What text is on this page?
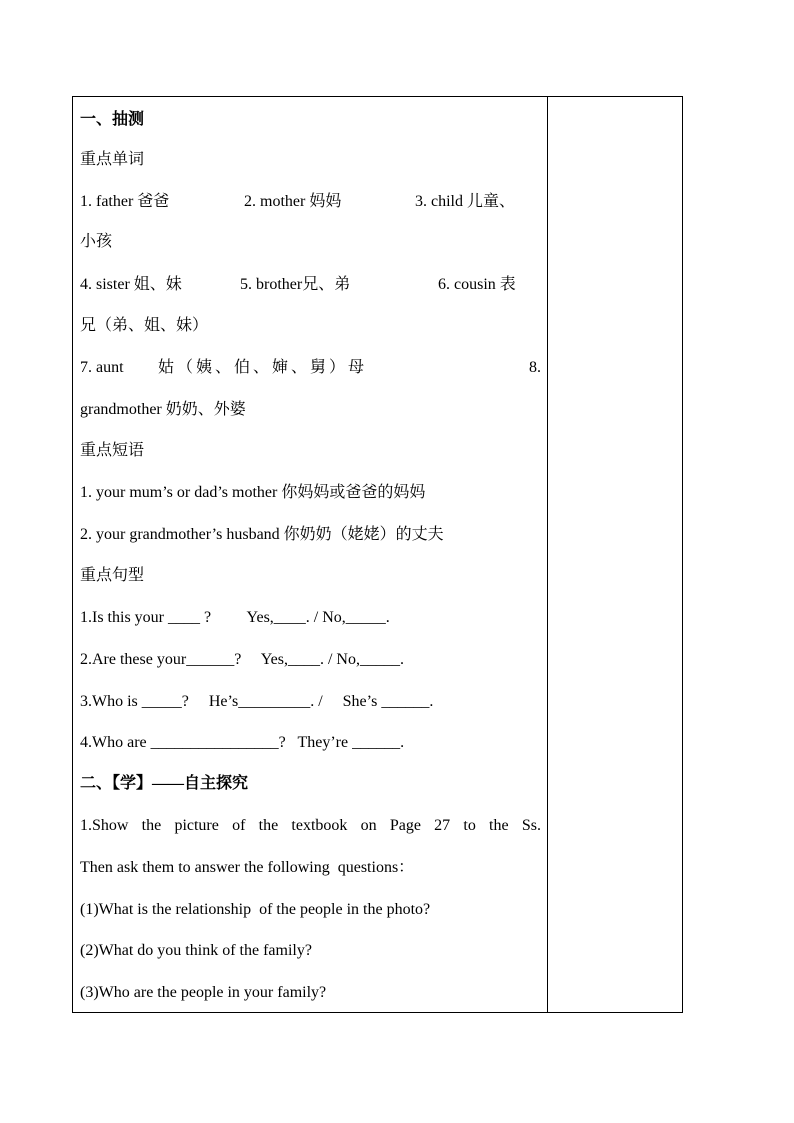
一、抽测
重点单词
1. father 爸爸	2. mother 妈妈	3. child 儿童、
小孩
4. sister 姐、妹	5. brother兄、弟	6. cousin 表
兄（弟、姐、妹）
7. aunt 姑（姨、伯、婶、舅）母	8.
grandmother 奶奶、外婆
重点短语
1. your mum’s or dad’s mother 你妈妈或爸爸的妈妈
2. your grandmother’s husband 你奶奶（姥姥）的丈夫
重点句型
1.Is this your ____ ?         Yes,____. / No,_____.
2.Are these your______?     Yes,____. / No,_____.
3.Who is _____?     He’s_________. /     She’s ______.
4.Who are ________________?   They’re ______.
二、【学】——自主探究
1.Show the picture of the textbook on Page 27 to the Ss.
Then ask them to answer the following  questions：
(1)What is the relationship  of the people in the photo?
(2)What do you think of the family?
(3)Who are the people in your family?
